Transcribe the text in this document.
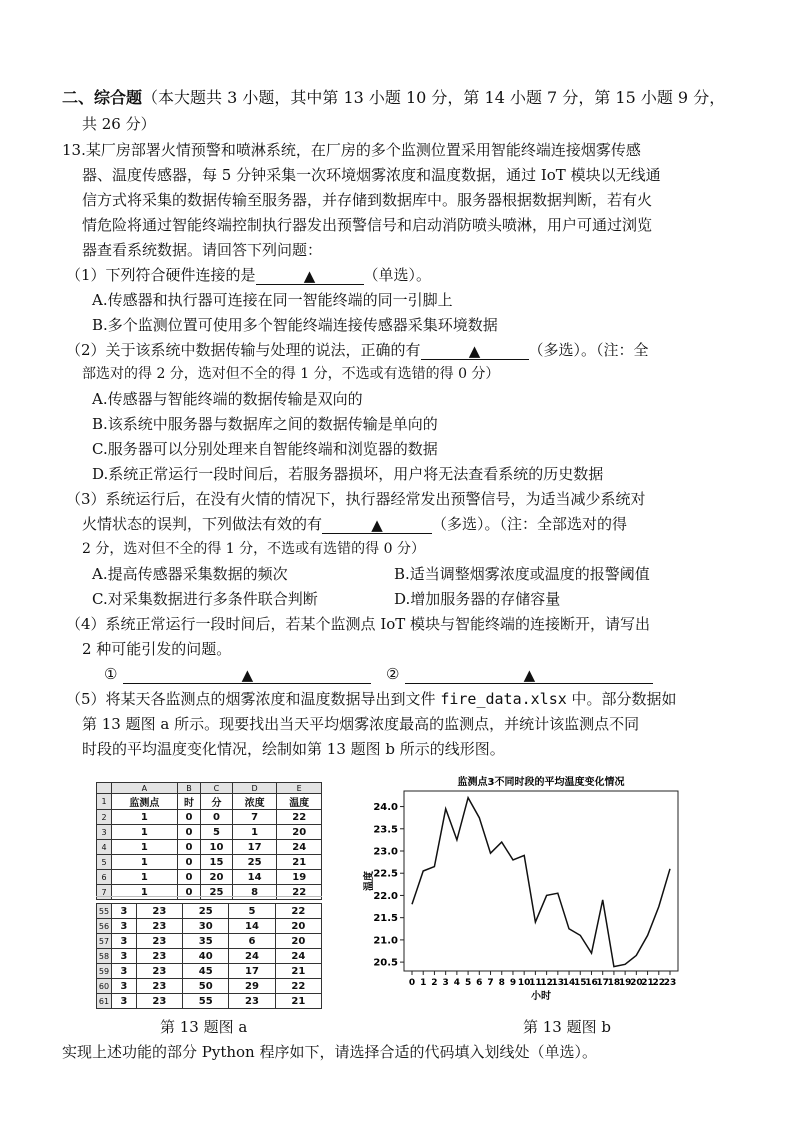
二、综合题（本大题共 3 小题，其中第 13 小题 10 分，第 14 小题 7 分，第 15 小题 9 分，
共 26 分）
13.某厂房部署火情预警和喷淋系统，在厂房的多个监测位置采用智能终端连接烟雾传感
器、温度传感器，每 5 分钟采集一次环境烟雾浓度和温度数据，通过 IoT 模块以无线通
信方式将采集的数据传输至服务器，并存储到数据库中。服务器根据数据判断，若有火
情危险将通过智能终端控制执行器发出预警信号和启动消防喷头喷淋，用户可通过浏览
器查看系统数据。请回答下列问题：
（1）下列符合硬件连接的是	▲	（单选）。
A.传感器和执行器可连接在同一智能终端的同一引脚上
B.多个监测位置可使用多个智能终端连接传感器采集环境数据
（2）关于该系统中数据传输与处理的说法，正确的有	▲	（多选）。（注：全
部选对的得 2 分，选对但不全的得 1 分，不选或有选错的得 0 分）
A.传感器与智能终端的数据传输是双向的
B.该系统中服务器与数据库之间的数据传输是单向的
C.服务器可以分别处理来自智能终端和浏览器的数据
D.系统正常运行一段时间后，若服务器损坏，用户将无法查看系统的历史数据
（3）系统运行后，在没有火情的情况下，执行器经常发出预警信号，为适当减少系统对
火情状态的误判，下列做法有效的有	▲	（多选）。（注：全部选对的得
2 分，选对但不全的得 1 分，不选或有选错的得 0 分）
A.提高传感器采集数据的频次	B.适当调整烟雾浓度或温度的报警阈值
C.对采集数据进行多条件联合判断	D.增加服务器的存储容量
（4）系统正常运行一段时间后，若某个监测点 IoT 模块与智能终端的连接断开，请写出
2 种可能引发的问题。
①	▲	②	▲
（5）将某天各监测点的烟雾浓度和温度数据导出到文件 fire_data.xlsx 中。部分数据如
第 13 题图 a 所示。现要找出当天平均烟雾浓度最高的监测点，并统计该监测点不同
时段的平均温度变化情况，绘制如第 13 题图 b 所示的线形图。
	A	B	C	D	E
1	监测点	时	分	浓度	温度
2	1	0	0	7	22
3	1	0	5	1	20
4	1	0	10	17	24
5	1	0	15	25	21
6	1	0	20	14	19
7	1	0	25	8	22
55	3	23	25	5	22
56	3	23	30	14	20
57	3	23	35	6	20
58	3	23	40	24	24
59	3	23	45	17	21
60	3	23	50	29	22
61	3	23	55	23	21
监测点3不同时段的平均温度变化情况
20.5
21.0
21.5
22.0
22.5
23.0
23.5
24.0
0 1 2 3 4 5 6 7 8 9 10
11
12
13
14
15
16
17
18
19
20
21
22
23
小时
温度
第 13 题图 a	第 13 题图 b
实现上述功能的部分 Python 程序如下，请选择合适的代码填入划线处（单选）。
